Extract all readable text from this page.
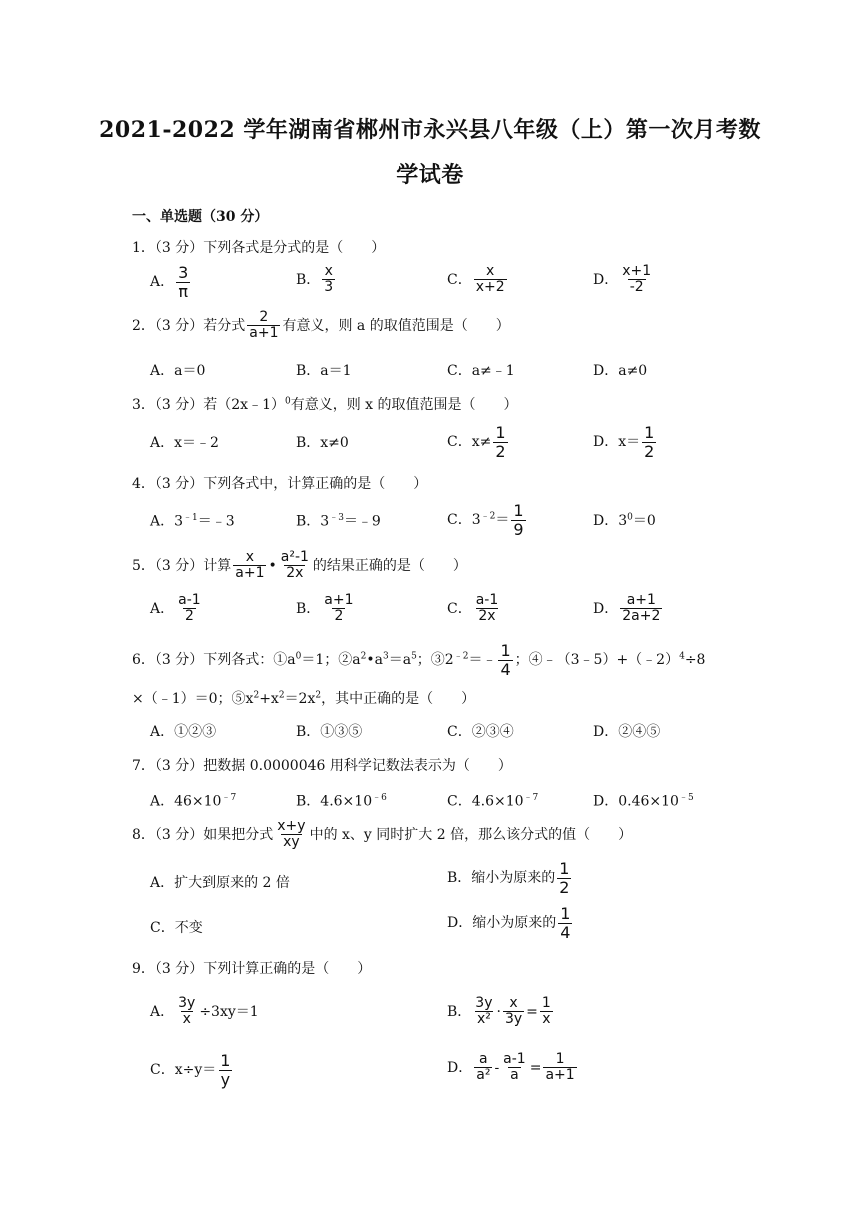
2021-2022 学年湖南省郴州市永兴县八年级（上）第一次月考数
学试卷
一、单选题（30 分）
1．（3 分）下列各式是分式的是（　　）
A． $\frac{3}{\pi}$	B． $\frac{x}{3}$	C． $\frac{x}{x+2}$	D． $\frac{x+1}{-2}$
2．（3 分）若分式 $\frac{2}{a+1}$ 有意义，则 a 的取值范围是（　　）
A．a＝0	B．a＝1	C．a≠﹣1	D．a≠0
3．（3 分）若（2x﹣1）$^0$有意义，则 x 的取值范围是（　　）
A．x＝﹣2	B．x≠0	C．$x\ne \frac{1}{2}$	D．$x= \frac{1}{2}$
4．（3 分）下列各式中，计算正确的是（　　）
A．$3^{﹣1}=﹣3$	B．$3^{﹣3}=﹣9$	C．$3^{﹣2}= \frac{1}{9}$	D．$3^0=0$
5．（3 分）计算 $\frac{x}{a+1}$ • $\frac{\text{a²-1}}{2x}$ 的结果正确的是（　　）
A． $\frac{a-1}{2}$	B． $\frac{a+1}{2}$	C． $\frac{a-1}{2x}$	D． $\frac{a+1}{2a+2}$
6．（3 分）下列各式：$①a^0=1$；$②a^2•a^3=a^5$；$③2^{﹣2}=﹣ \frac{1}{4}$ ；④﹣（3﹣5）+（﹣2）$^4$÷8
×（﹣1）＝0；$⑤x^2+x^2=2x^2$，其中正确的是（　　）
A．①②③	B．①③⑤	C．②③④	D．②④⑤
7．（3 分）把数据 0.0000046 用科学记数法表示为（　　）
A．$46\times 10^{﹣7}$	B．$4.6\times 10^{﹣6}$	C．$4.6\times 10^{﹣7}$	D．$0.46\times 10^{﹣5}$
8．（3 分）如果把分式 $\frac{x+y}{xy}$ 中的 x、y 同时扩大 2 倍，那么该分式的值（　　）
A．扩大到原来的 2 倍	B．缩小为原来的 $\frac{1}{2}$
C．不变	D．缩小为原来的 $\frac{1}{4}$
9．（3 分）下列计算正确的是（　　）
A． $\frac{3y}{x} \div 3xy=1$	B． $\frac{3y}{\text{x²}} \cdot \frac{x}{3y} = \frac{1}{x}$
C．$x\div y= \frac{1}{y}$	D． $\frac{a}{\text{a²}} - \frac{a-1}{a} = \frac{1}{a+1}$
